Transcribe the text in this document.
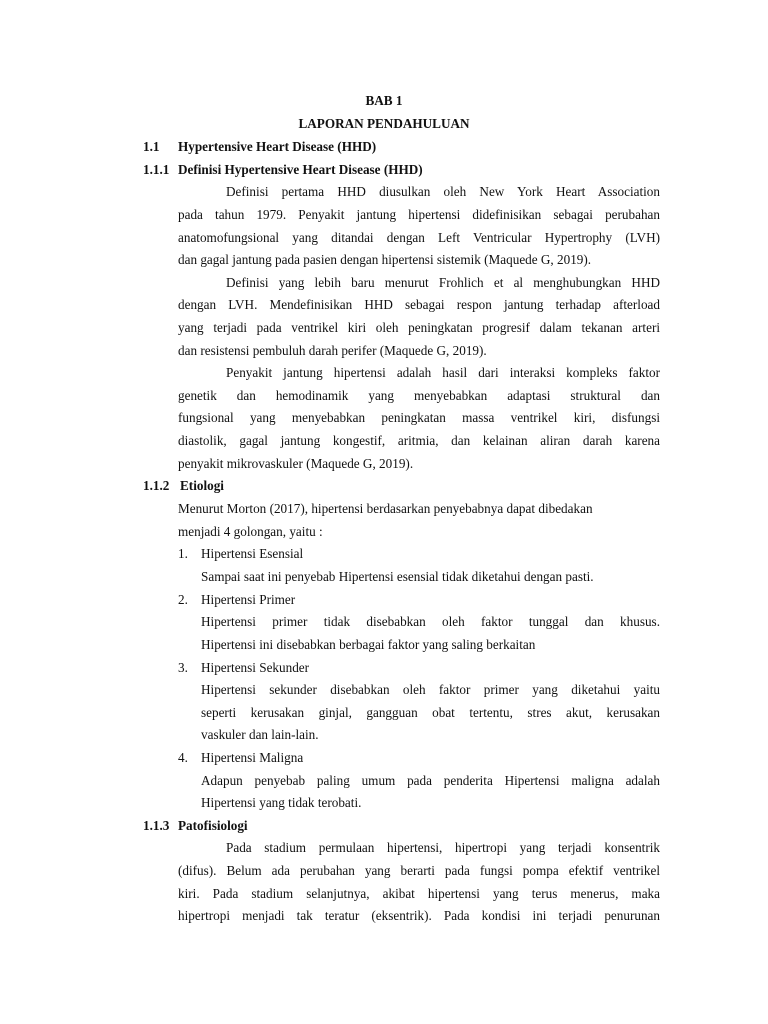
BAB 1
LAPORAN PENDAHULUAN
1.1 Hypertensive Heart Disease (HHD)
1.1.1 Definisi Hypertensive Heart Disease (HHD)
Definisi pertama HHD diusulkan oleh New York Heart Association
pada tahun 1979. Penyakit jantung hipertensi didefinisikan sebagai perubahan
anatomofungsional yang ditandai dengan Left Ventricular Hypertrophy (LVH)
dan gagal jantung pada pasien dengan hipertensi sistemik (Maquede G, 2019).
Definisi yang lebih baru menurut Frohlich et al menghubungkan HHD
dengan LVH. Mendefinisikan HHD sebagai respon jantung terhadap afterload
yang terjadi pada ventrikel kiri oleh peningkatan progresif dalam tekanan arteri
dan resistensi pembuluh darah perifer (Maquede G, 2019).
Penyakit jantung hipertensi adalah hasil dari interaksi kompleks faktor
genetik dan hemodinamik yang menyebabkan adaptasi struktural dan
fungsional yang menyebabkan peningkatan massa ventrikel kiri, disfungsi
diastolik, gagal jantung kongestif, aritmia, dan kelainan aliran darah karena
penyakit mikrovaskuler (Maquede G, 2019).
1.1.2 Etiologi
Menurut Morton (2017), hipertensi berdasarkan penyebabnya dapat dibedakan
menjadi 4 golongan, yaitu :
1. Hipertensi Esensial
Sampai saat ini penyebab Hipertensi esensial tidak diketahui dengan pasti.
2. Hipertensi Primer
Hipertensi primer tidak disebabkan oleh faktor tunggal dan khusus.
Hipertensi ini disebabkan berbagai faktor yang saling berkaitan
3. Hipertensi Sekunder
Hipertensi sekunder disebabkan oleh faktor primer yang diketahui yaitu
seperti kerusakan ginjal, gangguan obat tertentu, stres akut, kerusakan
vaskuler dan lain-lain.
4. Hipertensi Maligna
Adapun penyebab paling umum pada penderita Hipertensi maligna adalah
Hipertensi yang tidak terobati.
1.1.3 Patofisiologi
Pada stadium permulaan hipertensi, hipertropi yang terjadi konsentrik
(difus). Belum ada perubahan yang berarti pada fungsi pompa efektif ventrikel
kiri. Pada stadium selanjutnya, akibat hipertensi yang terus menerus, maka
hipertropi menjadi tak teratur (eksentrik). Pada kondisi ini terjadi penurunan
